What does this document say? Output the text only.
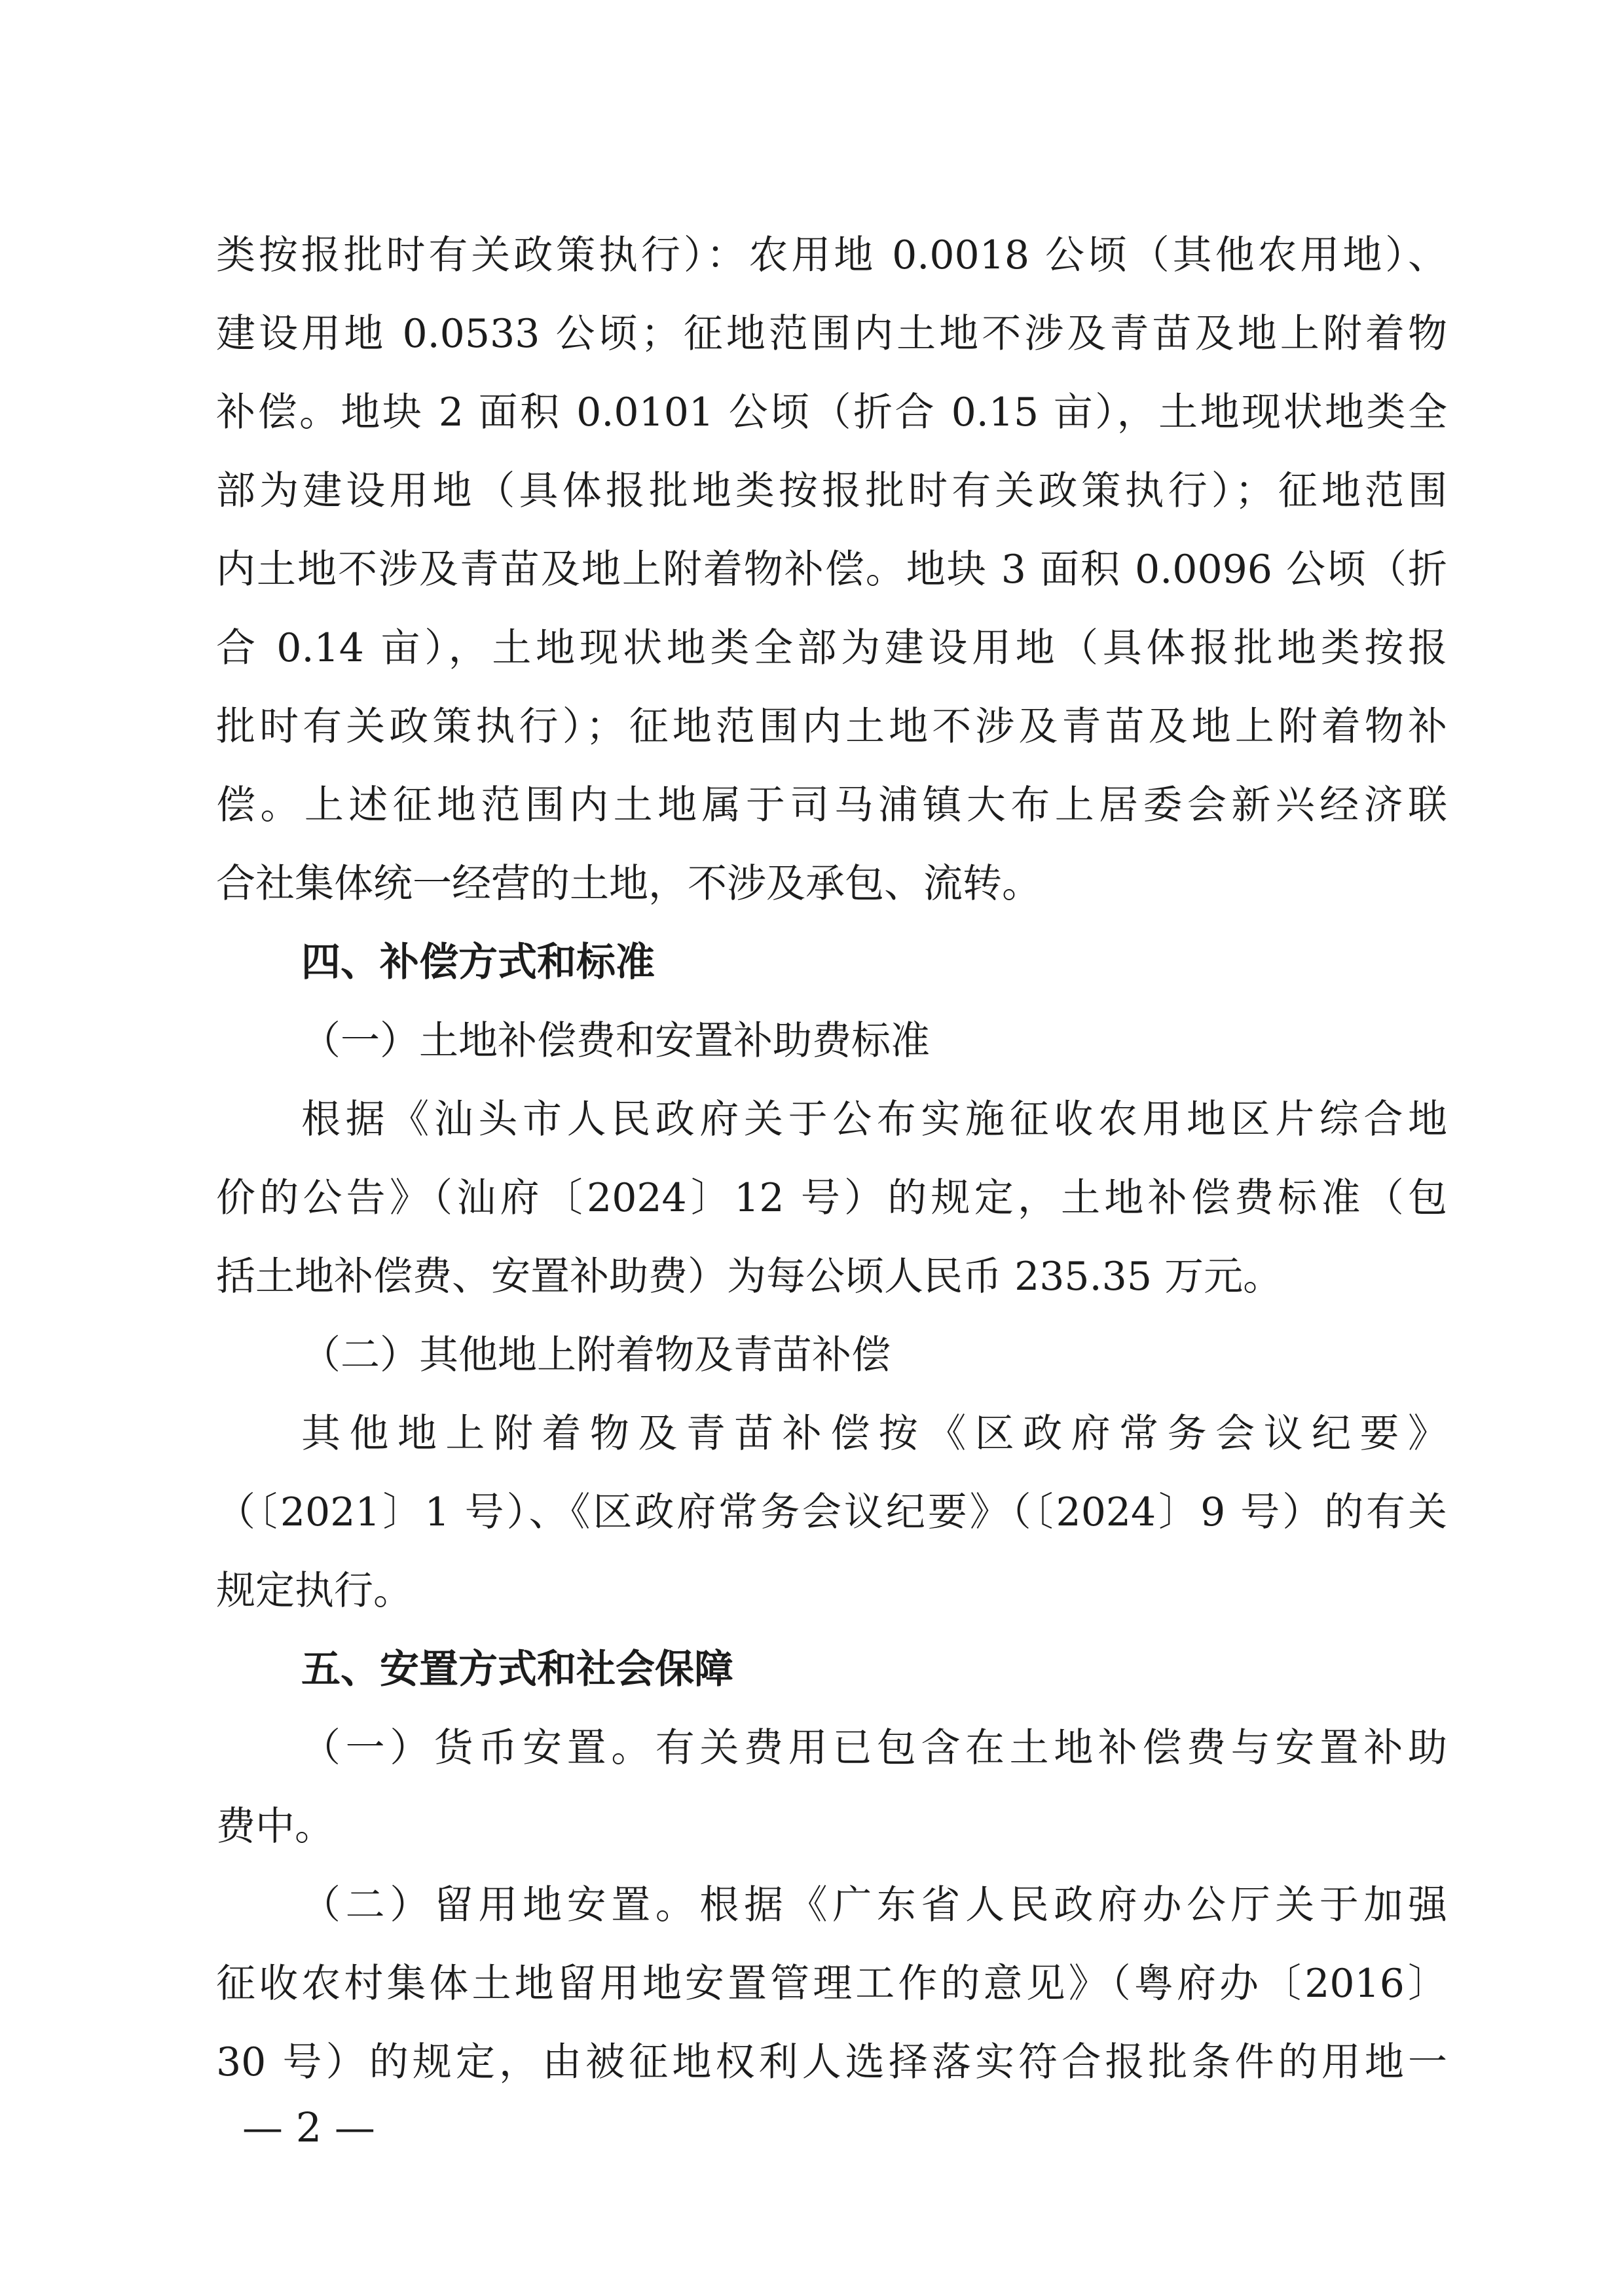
类按报批时有关政策执行）：农用地 0.0018 公顷（其他农用地）、
建设用地 0.0533 公顷；征地范围内土地不涉及青苗及地上附着物
补偿。地块 2 面积 0.0101 公顷（折合 0.15 亩），土地现状地类全
部为建设用地（具体报批地类按报批时有关政策执行）；征地范围
内土地不涉及青苗及地上附着物补偿。地块 3 面积 0.0096 公顷（折
合 0.14 亩），土地现状地类全部为建设用地（具体报批地类按报
批时有关政策执行）；征地范围内土地不涉及青苗及地上附着物补
偿。上述征地范围内土地属于司马浦镇大布上居委会新兴经济联
合社集体统一经营的土地，不涉及承包、流转。
四、补偿方式和标准
（一）土地补偿费和安置补助费标准
根据《汕头市人民政府关于公布实施征收农用地区片综合地
价的公告》（汕府〔2024〕12 号）的规定，土地补偿费标准（包
括土地补偿费、安置补助费）为每公顷人民币 235.35 万元。
（二）其他地上附着物及青苗补偿
其他地上附着物及青苗补偿按《区政府常务会议纪要》
（〔2021〕1 号）、《区政府常务会议纪要》（〔2024〕9 号）的有关
规定执行。
五、安置方式和社会保障
（一）货币安置。有关费用已包含在土地补偿费与安置补助
费中。
（二）留用地安置。根据《广东省人民政府办公厅关于加强
征收农村集体土地留用地安置管理工作的意见》（粤府办〔2016〕
30 号）的规定，由被征地权利人选择落实符合报批条件的用地一
— 2 —
